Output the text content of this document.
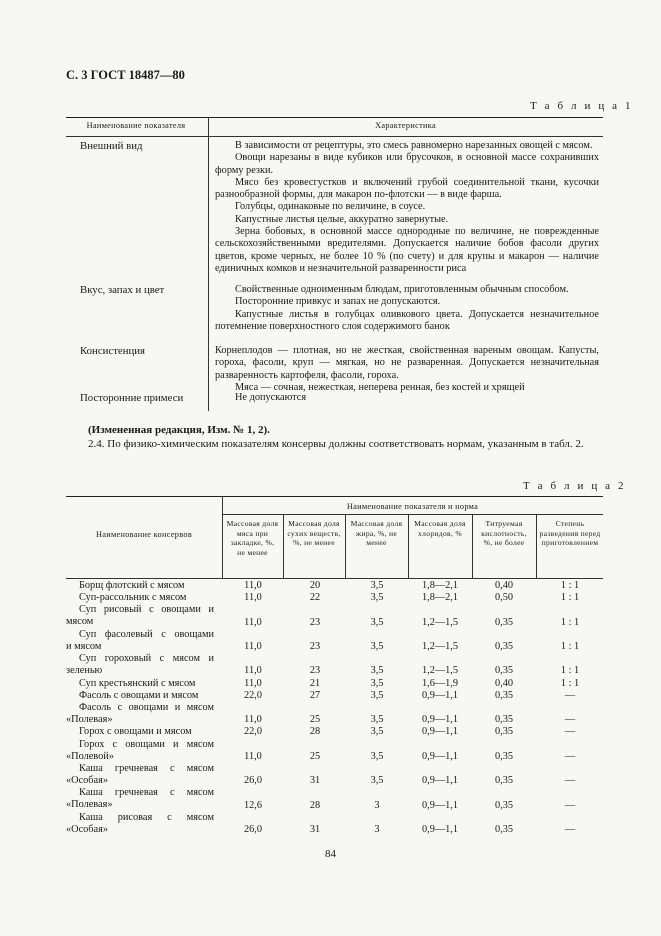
С. 3 ГОСТ 18487—80
Т а б л и ц а 1
Наименование показателя	Характеристика
Внешний вид	В зависимости от рецептуры, это смесь равномерно нарезанных овощей с мясом.

Овощи нарезаны в виде кубиков или брусочков, в основной массе сохранивших форму резки.

Мясо без кровесгустков и включений грубой соединительной ткани, кусочки разнообразной формы, для макарон по-флотски — в виде фарша.

Голубцы, одинаковые по величине, в соусе.

Капустные листья целые, аккуратно завернутые.

Зерна бобовых, в основной массе однородные по величине, не поврежденные сельскохозяйственными вредителями. Допускается наличие бобов фасоли других цветов, кроме черных, не более 10 % (по счету) и для крупы и макарон — наличие единичных комков и незначительной разваренности риса

Вкус, запах и цвет	Свойственные одноименным блюдам, приготовленным обычным способом.

Посторонние привкус и запах не допускаются.

Капустные листья в голубцах оливкового цвета. Допускается незначительное потемнение поверхностного слоя содержимого банок

Консистенция	Корнеплодов — плотная, но не жесткая, свойственная вареным овощам. Капусты, гороха, фасоли, круп — мягкая, но не разваренная. Допускается незначительная разваренность картофеля, фасоли, гороха.

Мяса — сочная, нежесткая, неперева ренная, без костей и хрящей

Посторонние примеси	Не допускаются

(Измененная редакция, Изм. № 1, 2).

2.4. По физико-химическим показателям консервы должны соответствовать нормам, указанным в табл. 2.

Т а б л и ц а 2
Наименование показателя и норма
Наименование консервов
Массовая доля мяса при закладке, %, не менее
Массовая доля сухих веществ, %, не менее
Массовая доля жира, %, не менее
Массовая доля хлоридов, %
Титруемая кислотность, %, не более
Степень разведения перед приготовлением
Борщ флотский с мясом	11,0	20	3,5	1,8—2,1	0,40	1 : 1
Суп-рассольник с мясом	11,0	22	3,5	1,8—2,1	0,50	1 : 1
Суп рисовый с овощами и
мясом	11,0	23	3,5	1,2—1,5	0,35	1 : 1
Суп фасолевый с овощами
и мясом	11,0	23	3,5	1,2—1,5	0,35	1 : 1
Суп гороховый с мясом и
зеленью	11,0	23	3,5	1,2—1,5	0,35	1 : 1
Суп крестьянский с мясом	11,0	21	3,5	1,6—1,9	0,40	1 : 1
Фасоль с овощами и мясом	22,0	27	3,5	0,9—1,1	0,35	—
Фасоль с овощами и мясом
«Полевая»	11,0	25	3,5	0,9—1,1	0,35	—
Горох с овощами и мясом	22,0	28	3,5	0,9—1,1	0,35	—
Горох с овощами и мясом
«Полевой»	11,0	25	3,5	0,9—1,1	0,35	—
Каша гречневая с мясом
«Особая»	26,0	31	3,5	0,9—1,1	0,35	—
Каша гречневая с мясом
«Полевая»	12,6	28	3	0,9—1,1	0,35	—
Каша рисовая с мясом
«Особая»	26,0	31	3	0,9—1,1	0,35	—
84
